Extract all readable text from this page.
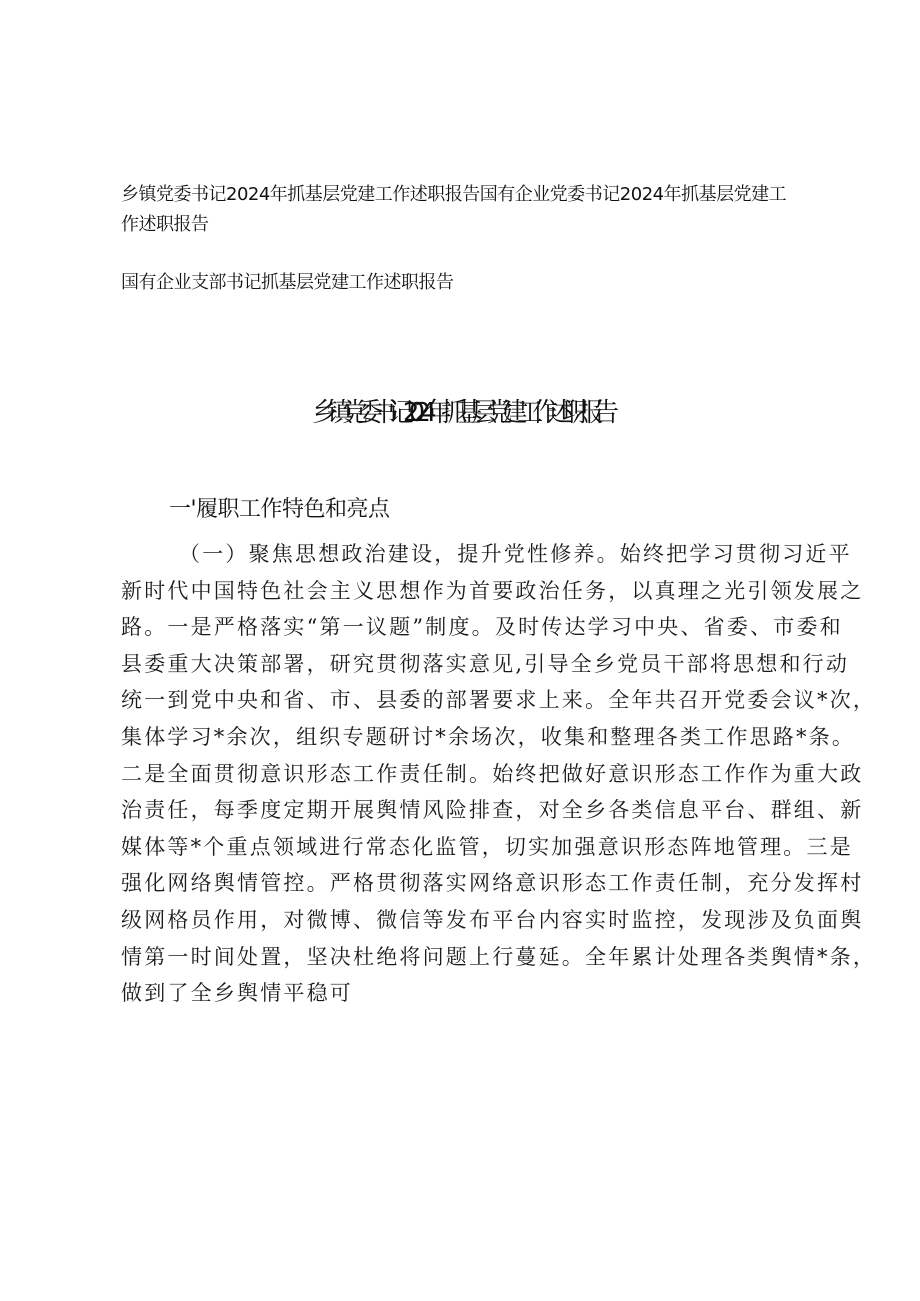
乡镇党委书记2024年抓基层党建工作述职报告国有企业党委书记2024年抓基层党建工
作述职报告
国有企业支部书记抓基层党建工作述职报告
乡镇党委书记2024年抓基层党建工作述职报告
一'履职工作特色和亮点
（一）聚焦思想政治建设，提升党性修养。始终把学习贯彻习近平
新时代中国特色社会主义思想作为首要政治任务，以真理之光引领发展之
路。一是严格落实“第一议题”制度。及时传达学习中央、省委、市委和
县委重大决策部署，研究贯彻落实意见,引导全乡党员干部将思想和行动
统一到党中央和省、市、县委的部署要求上来。全年共召开党委会议*次，
集体学习*余次，组织专题研讨*余场次，收集和整理各类工作思路*条。
二是全面贯彻意识形态工作责任制。始终把做好意识形态工作作为重大政
治责任，每季度定期开展舆情风险排查，对全乡各类信息平台、群组、新
媒体等*个重点领域进行常态化监管，切实加强意识形态阵地管理。三是
强化网络舆情管控。严格贯彻落实网络意识形态工作责任制，充分发挥村
级网格员作用，对微博、微信等发布平台内容实时监控，发现涉及负面舆
情第一时间处置，坚决杜绝将问题上行蔓延。全年累计处理各类舆情*条，
做到了全乡舆情平稳可
